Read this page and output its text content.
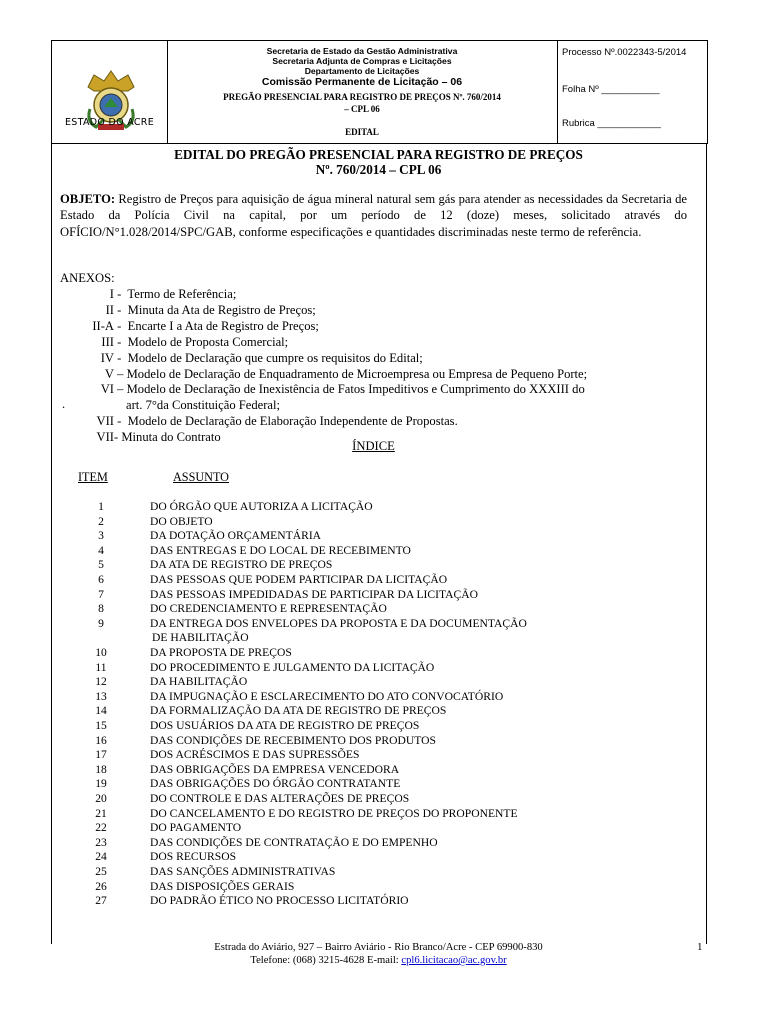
ESTADO DO ACRE
Secretaria de Estado da Gestão Administrativa
Secretaria Adjunta de Compras e Licitações
Departamento de Licitações
Comissão Permanente de Licitação – 06
PREGÃO PRESENCIAL PARA REGISTRO DE PREÇOS Nº. 760/2014
– CPL 06
EDITAL
Processo Nº.0022343-5/2014
Folha Nº ___________
Rubrica ____________
EDITAL DO PREGÃO PRESENCIAL PARA REGISTRO DE PREÇOS
Nº. 760/2014 – CPL 06
OBJETO: Registro de Preços para aquisição de água mineral natural sem gás para atender as necessidades da Secretaria de Estado da Polícia Civil na capital, por um período de 12 (doze) meses, solicitado através do OFÍCIO/N°1.028/2014/SPC/GAB, conforme especificações e quantidades discriminadas neste termo de referência.
ANEXOS:
I -  Termo de Referência;
II -  Minuta da Ata de Registro de Preços;
II-A -  Encarte I a Ata de Registro de Preços;
III -  Modelo de Proposta Comercial;
IV -  Modelo de Declaração que cumpre os requisitos do Edital;
V – Modelo de Declaração de Enquadramento de Microempresa ou Empresa de Pequeno Porte;
VI – Modelo de Declaração de Inexistência de Fatos Impeditivos e Cumprimento do XXXIII do
art. 7°da Constituição Federal;
VII -  Modelo de Declaração de Elaboração Independente de Propostas.
VII- Minuta do Contrato
.
ÍNDICE
ITEM	ASSUNTO
1	DO ÓRGÃO QUE AUTORIZA A LICITAÇÃO
2	DO OBJETO
3	DA DOTAÇÃO ORÇAMENTÁRIA
4	DAS ENTREGAS E DO LOCAL DE RECEBIMENTO
5	DA ATA DE REGISTRO DE PREÇOS
6	DAS PESSOAS QUE PODEM PARTICIPAR DA LICITAÇÃO
7	DAS PESSOAS IMPEDIDADAS DE PARTICIPAR DA LICITAÇÃO
8	DO CREDENCIAMENTO E REPRESENTAÇÃO
9	DA ENTREGA DOS ENVELOPES DA PROPOSTA E DA DOCUMENTAÇÃO
DE HABILITAÇÃO
10	DA PROPOSTA DE PREÇOS
11	DO PROCEDIMENTO E JULGAMENTO DA LICITAÇÃO
12	DA HABILITAÇÃO
13	DA IMPUGNAÇÃO E ESCLARECIMENTO DO ATO CONVOCATÓRIO
14	DA FORMALIZAÇÃO DA ATA DE REGISTRO DE PREÇOS
15	DOS USUÁRIOS DA ATA DE REGISTRO DE PREÇOS
16	DAS CONDIÇÕES DE RECEBIMENTO DOS PRODUTOS
17	DOS ACRÉSCIMOS E DAS SUPRESSÕES
18	DAS OBRIGAÇÕES DA EMPRESA VENCEDORA
19	DAS OBRIGAÇÕES DO ÓRGÃO CONTRATANTE
20	DO CONTROLE E DAS ALTERAÇÕES DE PREÇOS
21	DO CANCELAMENTO E DO REGISTRO DE PREÇOS DO PROPONENTE
22	DO PAGAMENTO
23	DAS CONDIÇÕES DE CONTRATAÇÃO E DO EMPENHO
24	DOS RECURSOS
25	DAS SANÇÕES ADMINISTRATIVAS
26	DAS DISPOSIÇÕES GERAIS
27	DO PADRÃO ÉTICO NO PROCESSO LICITATÓRIO
Estrada do Aviário, 927 – Bairro Aviário - Rio Branco/Acre - CEP 69900-830
Telefone: (068) 3215-4628 E-mail: cpl6.licitacao@ac.gov.br
1
